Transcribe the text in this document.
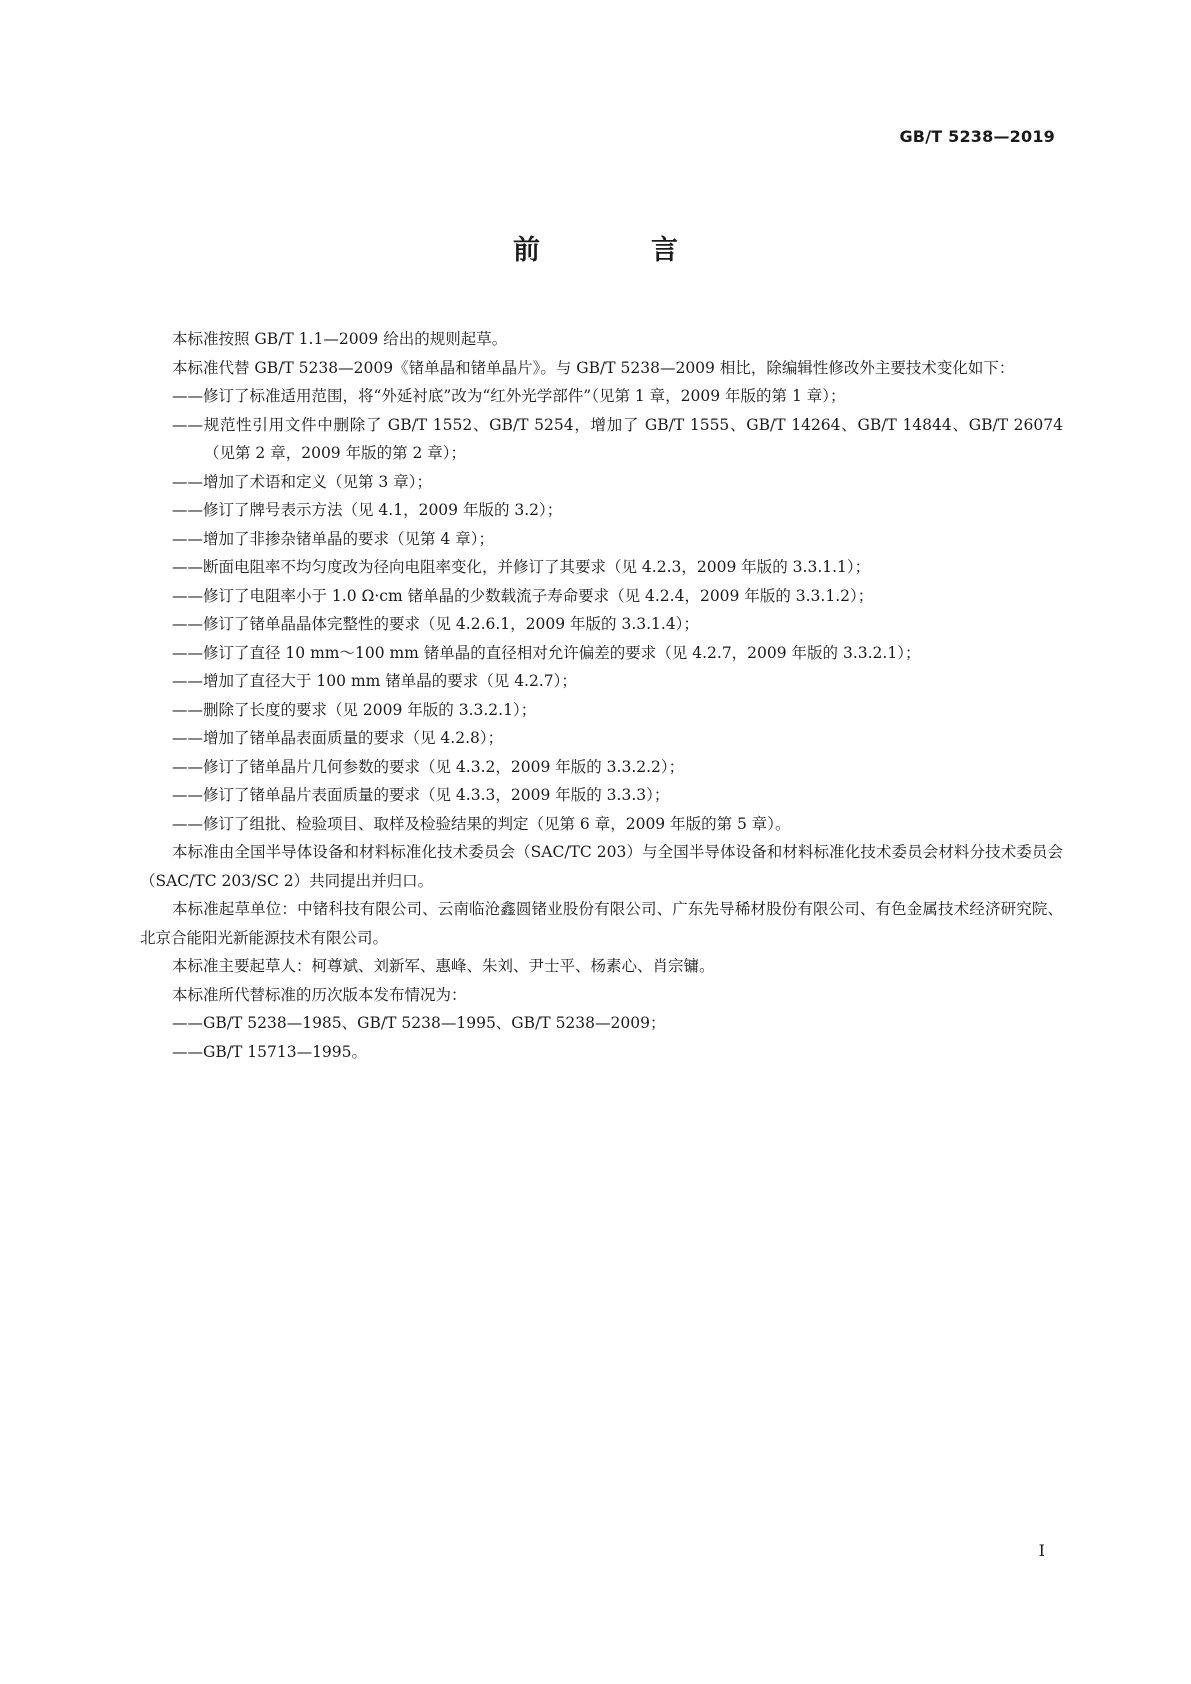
GB/T 5238—2019
前　言

本标准按照 GB/T 1.1—2009 给出的规则起草。

本标准代替 GB/T 5238—2009《锗单晶和锗单晶片》。与 GB/T 5238—2009 相比，除编辑性修改外主要技术变化如下：

——修订了标准适用范围，将“外延衬底”改为“红外光学部件”（见第 1 章，2009 年版的第 1 章）；

——规范性引用文件中删除了 GB/T 1552、GB/T 5254，增加了 GB/T 1555、GB/T 14264、GB/T 14844、GB/T 26074（见第 2 章，2009 年版的第 2 章）；

——增加了术语和定义（见第 3 章）；

——修订了牌号表示方法（见 4.1，2009 年版的 3.2）；

——增加了非掺杂锗单晶的要求（见第 4 章）；

——断面电阻率不均匀度改为径向电阻率变化，并修订了其要求（见 4.2.3，2009 年版的 3.3.1.1）；

——修订了电阻率小于 1.0 Ω·cm 锗单晶的少数载流子寿命要求（见 4.2.4，2009 年版的 3.3.1.2）；

——修订了锗单晶晶体完整性的要求（见 4.2.6.1，2009 年版的 3.3.1.4）；

——修订了直径 10 mm～100 mm 锗单晶的直径相对允许偏差的要求（见 4.2.7，2009 年版的 3.3.2.1）；

——增加了直径大于 100 mm 锗单晶的要求（见 4.2.7）；

——删除了长度的要求（见 2009 年版的 3.3.2.1）；

——增加了锗单晶表面质量的要求（见 4.2.8）；

——修订了锗单晶片几何参数的要求（见 4.3.2，2009 年版的 3.3.2.2）；

——修订了锗单晶片表面质量的要求（见 4.3.3，2009 年版的 3.3.3）；

——修订了组批、检验项目、取样及检验结果的判定（见第 6 章，2009 年版的第 5 章）。

本标准由全国半导体设备和材料标准化技术委员会（SAC/TC 203）与全国半导体设备和材料标准化技术委员会材料分技术委员会（SAC/TC 203/SC 2）共同提出并归口。

本标准起草单位：中锗科技有限公司、云南临沧鑫圆锗业股份有限公司、广东先导稀材股份有限公司、有色金属技术经济研究院、北京合能阳光新能源技术有限公司。

本标准主要起草人：柯尊斌、刘新军、惠峰、朱刘、尹士平、杨素心、肖宗镛。

本标准所代替标准的历次版本发布情况为：

——GB/T 5238—1985、GB/T 5238—1995、GB/T 5238—2009；

——GB/T 15713—1995。

I
